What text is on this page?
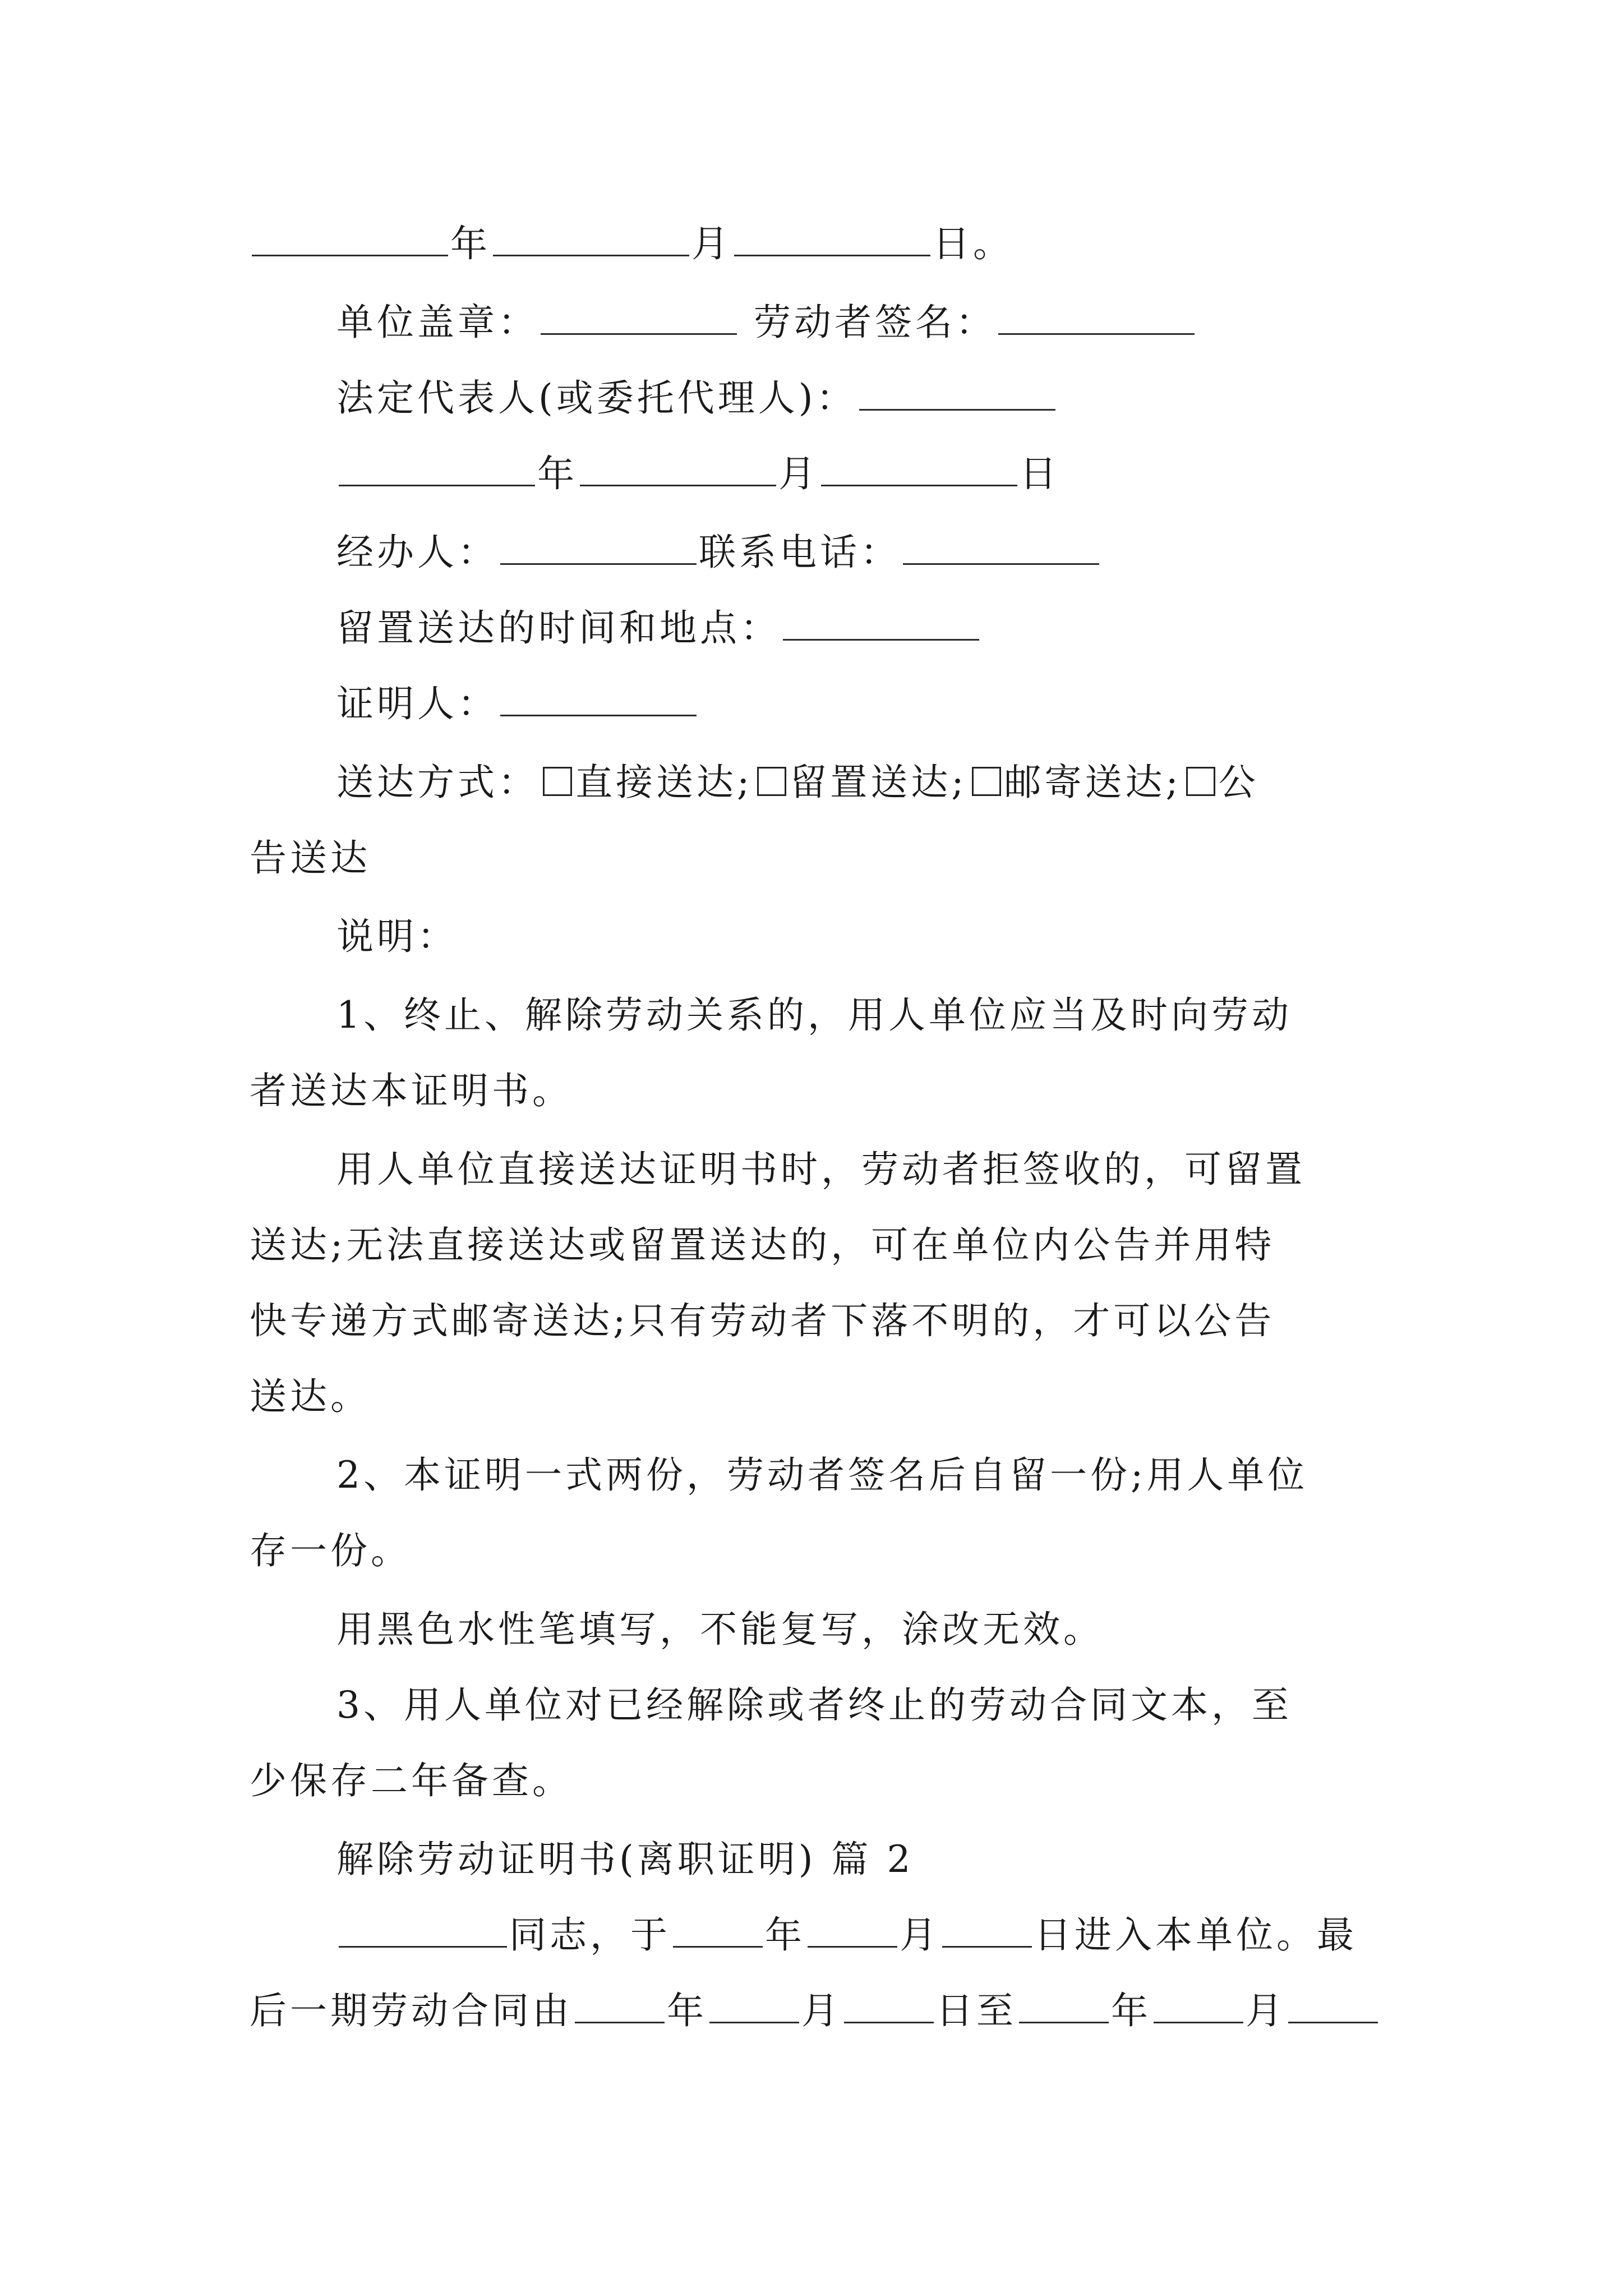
年	月	日。
单位盖章：	劳动者签名：
法定代表人(或委托代理人)：
年	月	日
经办人：	联系电话：
留置送达的时间和地点：
证明人：
送达方式： 直接送达; 留置送达; 邮寄送达; 公
告送达
说明：
1、终止、解除劳动关系的，用人单位应当及时向劳动
者送达本证明书。
用人单位直接送达证明书时，劳动者拒签收的，可留置
送达;无法直接送达或留置送达的，可在单位内公告并用特
快专递方式邮寄送达;只有劳动者下落不明的，才可以公告
送达。
2、本证明一式两份，劳动者签名后自留一份;用人单位
存一份。
用黑色水性笔填写，不能复写，涂改无效。
3、用人单位对已经解除或者终止的劳动合同文本，至
少保存二年备查。
解除劳动证明书(离职证明) 篇 2
同志，于	年	月	日进入本单位。最
后一期劳动合同由	年	月	日至	年	月
